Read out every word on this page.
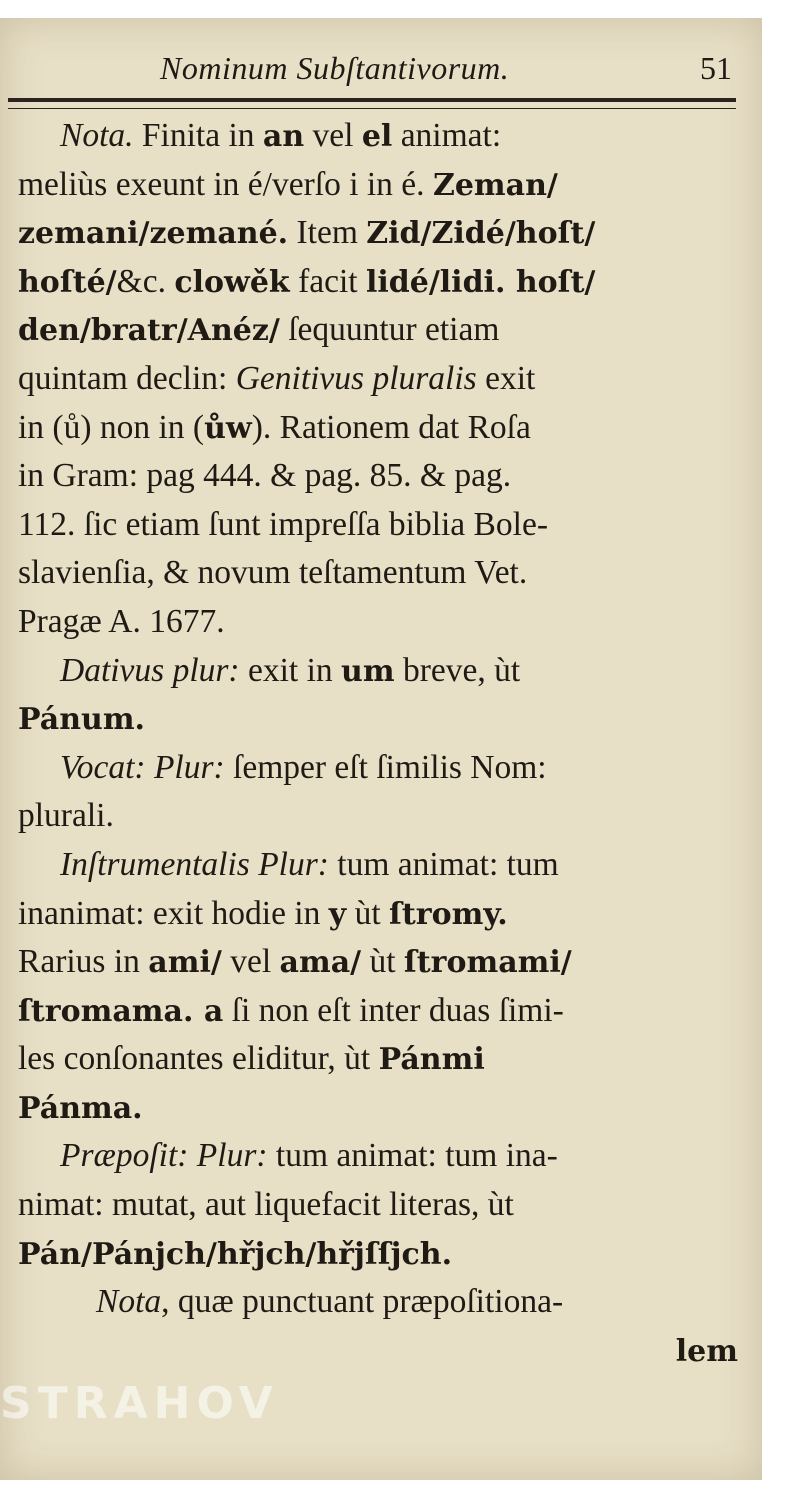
Nominum Subſtantivorum.	51
Nota. Finita in an vel el animat:
meliùs exeunt in é/verſo i in é. Zeman/
zemani/zemané. Item Zid/Zidé/hoſt/
hoſté/&c. clowěk facit lidé/lidi. hoſt/
den/bratr/Anéz/ ſequuntur etiam
quintam declin: Genitivus pluralis exit
in (ů) non in (ůw). Rationem dat Roſa
in Gram: pag 444. & pag. 85. & pag.
112. ſic etiam ſunt impreſſa biblia Bole-
slavienſia, & novum teſtamentum Vet.
Pragæ A. 1677.
Dativus plur: exit in um breve, ùt
Pánum.
Vocat: Plur: ſemper eſt ſimilis Nom:
plurali.
Inſtrumentalis Plur: tum animat: tum
inanimat: exit hodie in y ùt ſtromy.
Rarius in ami/ vel ama/ ùt ſtromami/
ſtromama. a ſi non eſt inter duas ſimi-
les conſonantes eliditur, ùt Pánmi
Pánma.
Præpoſit: Plur: tum animat: tum ina-
nimat: mutat, aut liquefacit literas, ùt
Pán/Pánjch/hřjch/hřjſſjch.
Nota, quæ punctuant præpoſitiona-
lem
STRAHOV
